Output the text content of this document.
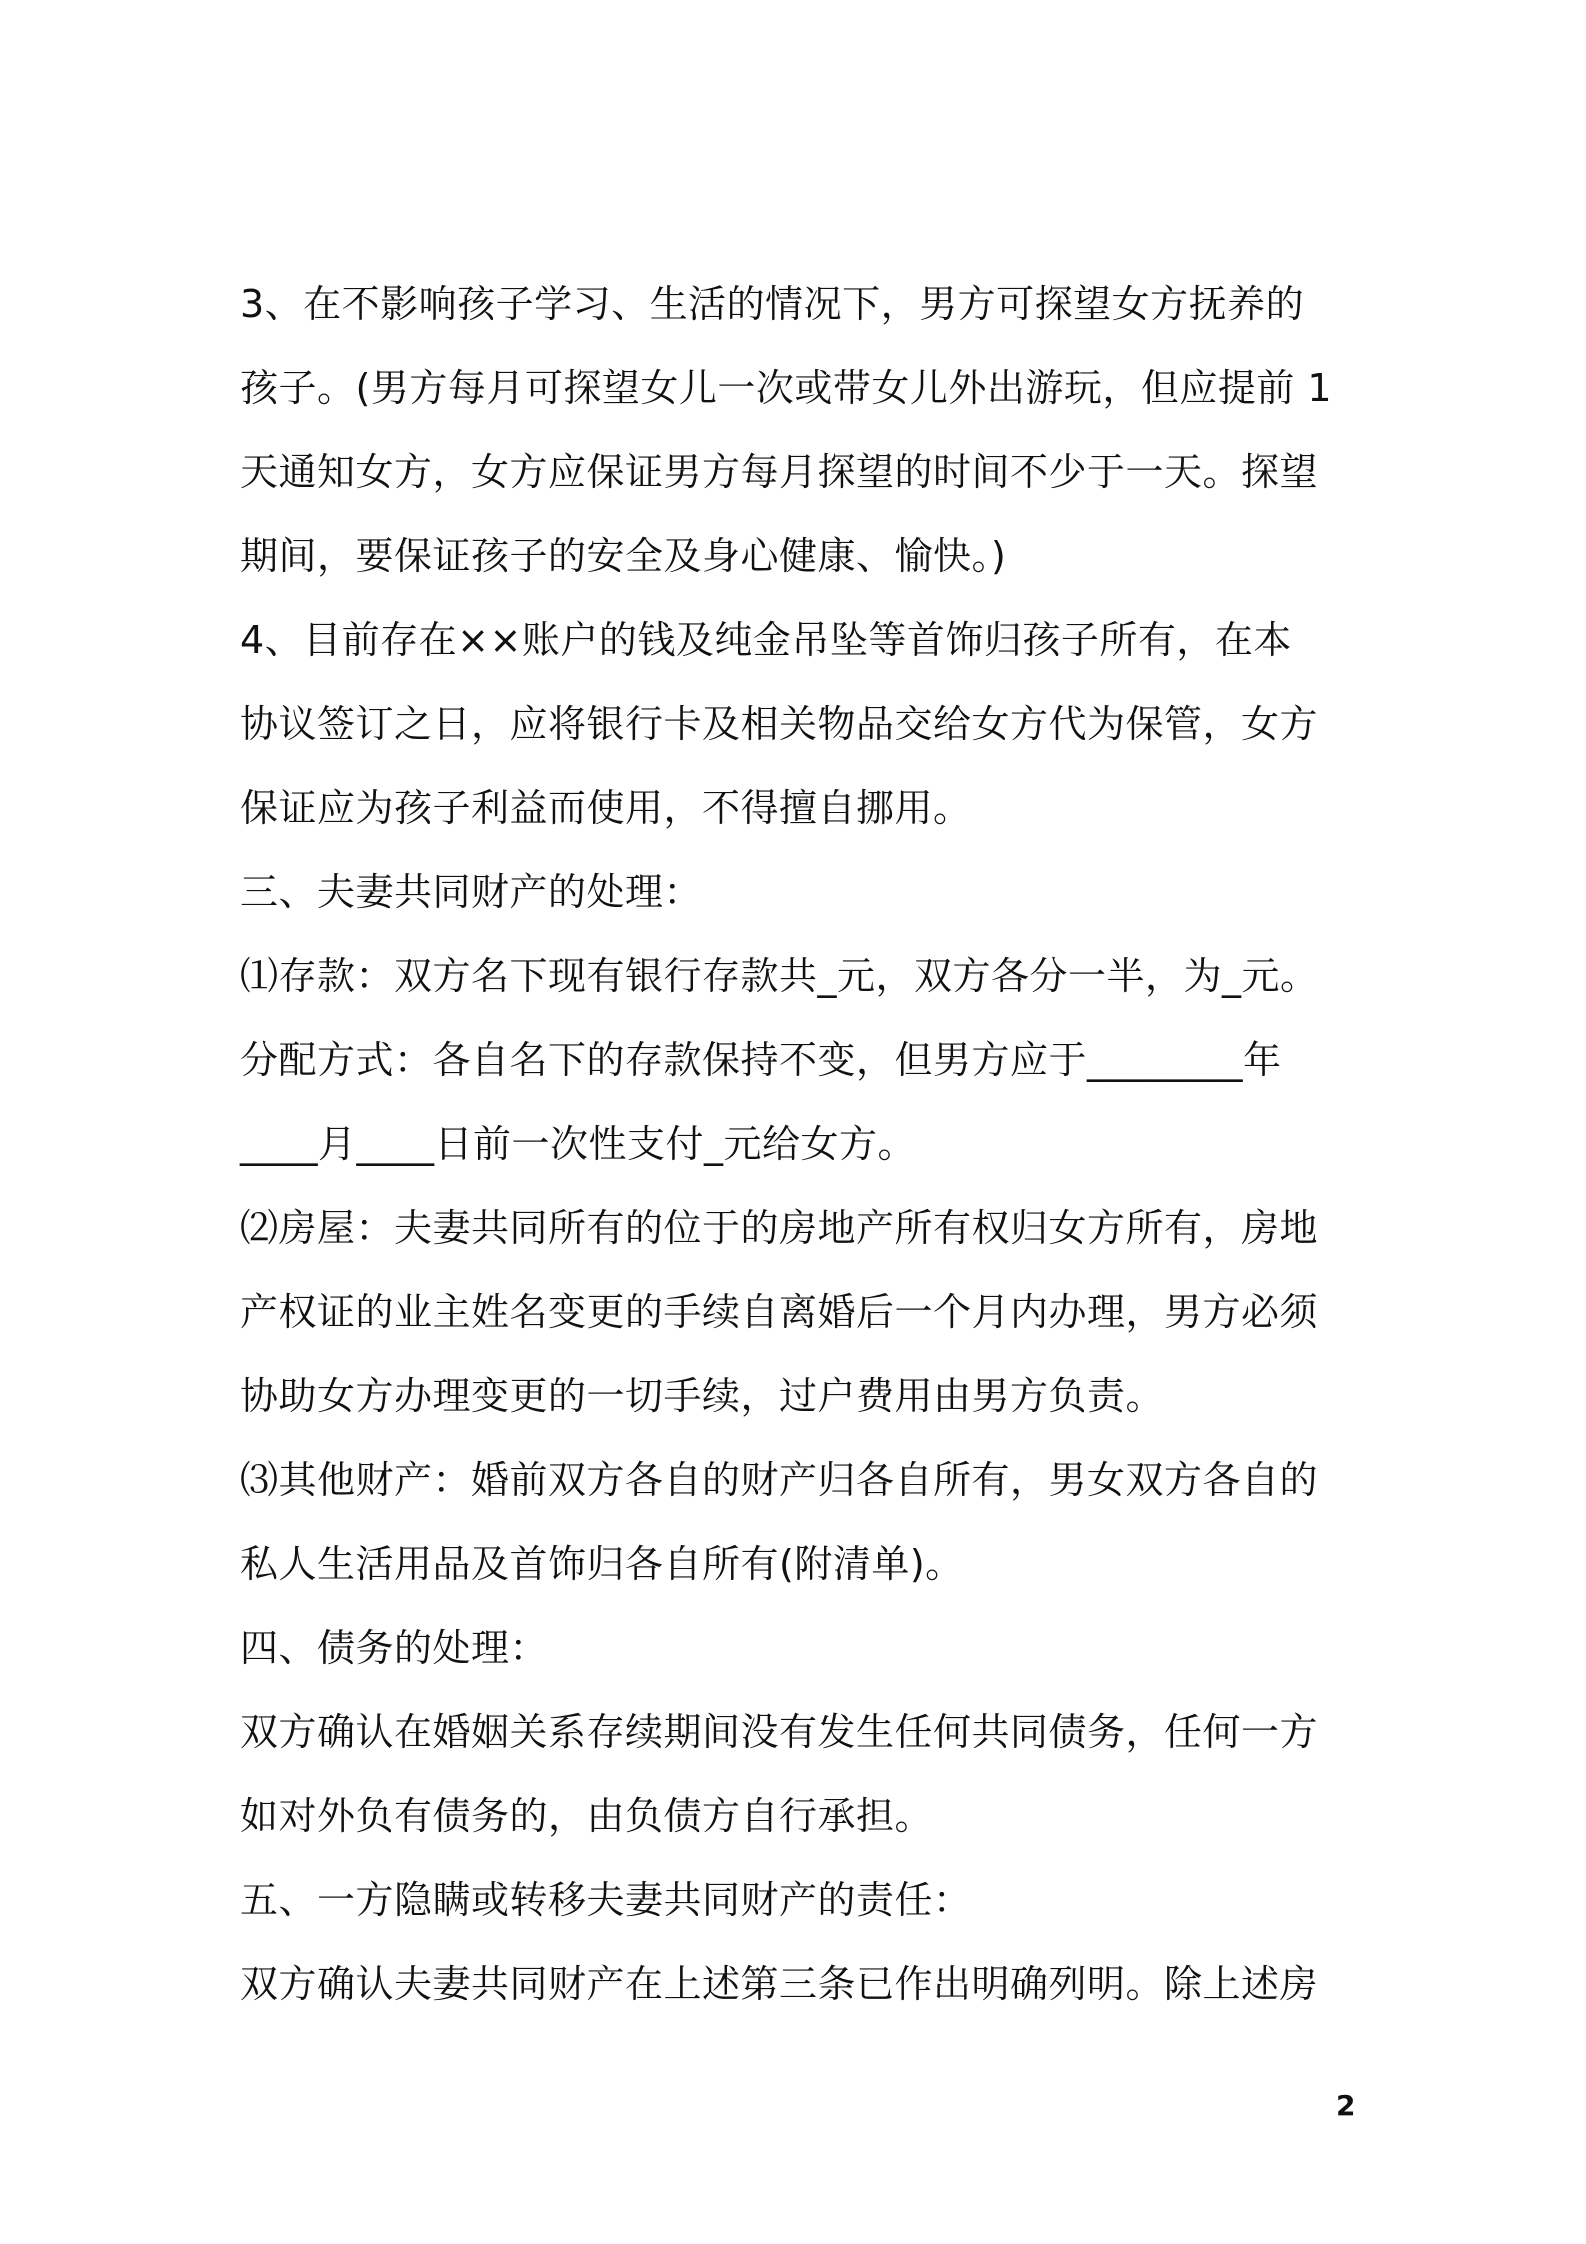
3、在不影响孩子学习、生活的情况下，男方可探望女方抚养的
孩子。(男方每月可探望女儿一次或带女儿外出游玩，但应提前 1
天通知女方，女方应保证男方每月探望的时间不少于一天。探望
期间，要保证孩子的安全及身心健康、愉快。)
4、目前存在××账户的钱及纯金吊坠等首饰归孩子所有，在本
协议签订之日，应将银行卡及相关物品交给女方代为保管，女方
保证应为孩子利益而使用，不得擅自挪用。
三、夫妻共同财产的处理：
⑴存款：双方名下现有银行存款共_元，双方各分一半，为_元。
分配方式：各自名下的存款保持不变，但男方应于________年
____月____日前一次性支付_元给女方。
⑵房屋：夫妻共同所有的位于的房地产所有权归女方所有，房地
产权证的业主姓名变更的手续自离婚后一个月内办理，男方必须
协助女方办理变更的一切手续，过户费用由男方负责。
⑶其他财产：婚前双方各自的财产归各自所有，男女双方各自的
私人生活用品及首饰归各自所有(附清单)。
四、债务的处理：
双方确认在婚姻关系存续期间没有发生任何共同债务，任何一方
如对外负有债务的，由负债方自行承担。
五、一方隐瞒或转移夫妻共同财产的责任：
双方确认夫妻共同财产在上述第三条已作出明确列明。除上述房
2
